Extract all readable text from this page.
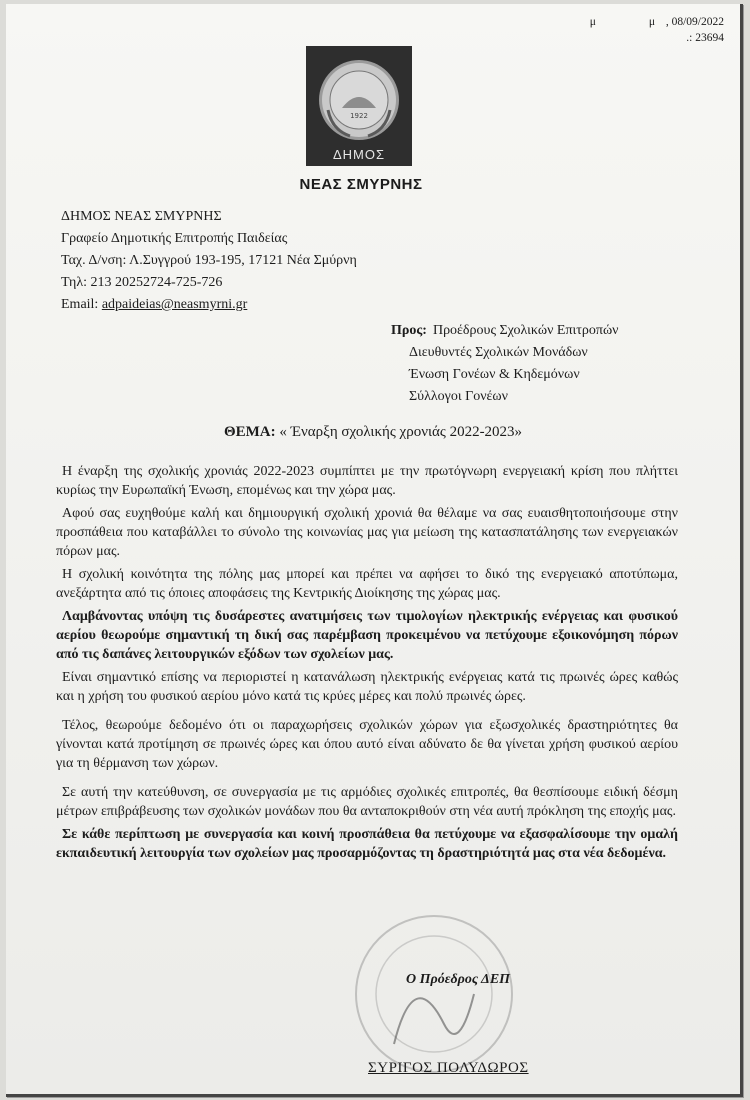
μ	μ , 08/09/2022
.: 23694
1922
ΔΗΜΟΣ
ΝΕΑΣ ΣΜΥΡΝΗΣ
ΔΗΜΟΣ ΝΕΑΣ ΣΜΥΡΝΗΣ
Γραφείο Δημοτικής Επιτροπής Παιδείας
Ταχ. Δ/νση: Λ.Συγγρού 193-195, 17121 Νέα Σμύρνη
Τηλ: 213 20252724-725-726
Email: adpaideias@neasmyrni.gr
Προς: Προέδρους Σχολικών Επιτροπών
Διευθυντές Σχολικών Μονάδων
Ένωση Γονέων & Κηδεμόνων
Σύλλογοι Γονέων
ΘΕΜΑ: « Έναρξη σχολικής χρονιάς 2022-2023»

Η έναρξη της σχολικής χρονιάς 2022-2023 συμπίπτει με την πρωτόγνωρη ενεργειακή κρίση που πλήττει κυρίως την Ευρωπαϊκή Ένωση, επομένως και την χώρα μας.

Αφού σας ευχηθούμε καλή και δημιουργική σχολική χρονιά θα θέλαμε να σας ευαισθητοποιήσουμε στην προσπάθεια που καταβάλλει το σύνολο της κοινωνίας μας για μείωση της κατασπατάλησης των ενεργειακών πόρων μας.

Η σχολική κοινότητα της πόλης μας μπορεί και πρέπει να αφήσει το δικό της ενεργειακό αποτύπωμα, ανεξάρτητα από τις όποιες αποφάσεις της Κεντρικής Διοίκησης της χώρας μας.

Λαμβάνοντας υπόψη τις δυσάρεστες ανατιμήσεις των τιμολογίων ηλεκτρικής ενέργειας και φυσικού αερίου θεωρούμε σημαντική τη δική σας παρέμβαση προκειμένου να πετύχουμε εξοικονόμηση πόρων από τις δαπάνες λειτουργικών εξόδων των σχολείων μας.

Είναι σημαντικό επίσης να περιοριστεί η κατανάλωση ηλεκτρικής ενέργειας κατά τις πρωινές ώρες καθώς και η χρήση του φυσικού αερίου μόνο κατά τις κρύες μέρες και πολύ πρωινές ώρες.

Τέλος, θεωρούμε δεδομένο ότι οι παραχωρήσεις σχολικών χώρων για εξωσχολικές δραστηριότητες θα γίνονται κατά προτίμηση σε πρωινές ώρες και όπου αυτό είναι αδύνατο δε θα γίνεται χρήση φυσικού αερίου για τη θέρμανση των χώρων.

Σε αυτή την κατεύθυνση, σε συνεργασία με τις αρμόδιες σχολικές επιτροπές, θα θεσπίσουμε ειδική δέσμη μέτρων επιβράβευσης των σχολικών μονάδων που θα ανταποκριθούν στη νέα αυτή πρόκληση της εποχής μας.

Σε κάθε περίπτωση με συνεργασία και κοινή προσπάθεια θα πετύχουμε να εξασφαλίσουμε την ομαλή εκπαιδευτική λειτουργία των σχολείων μας προσαρμόζοντας τη δραστηριότητά μας στα νέα δεδομένα.

Ο Πρόεδρος ΔΕΠ
ΣΥΡΙΓΟΣ ΠΟΛΥΔΩΡΟΣ
